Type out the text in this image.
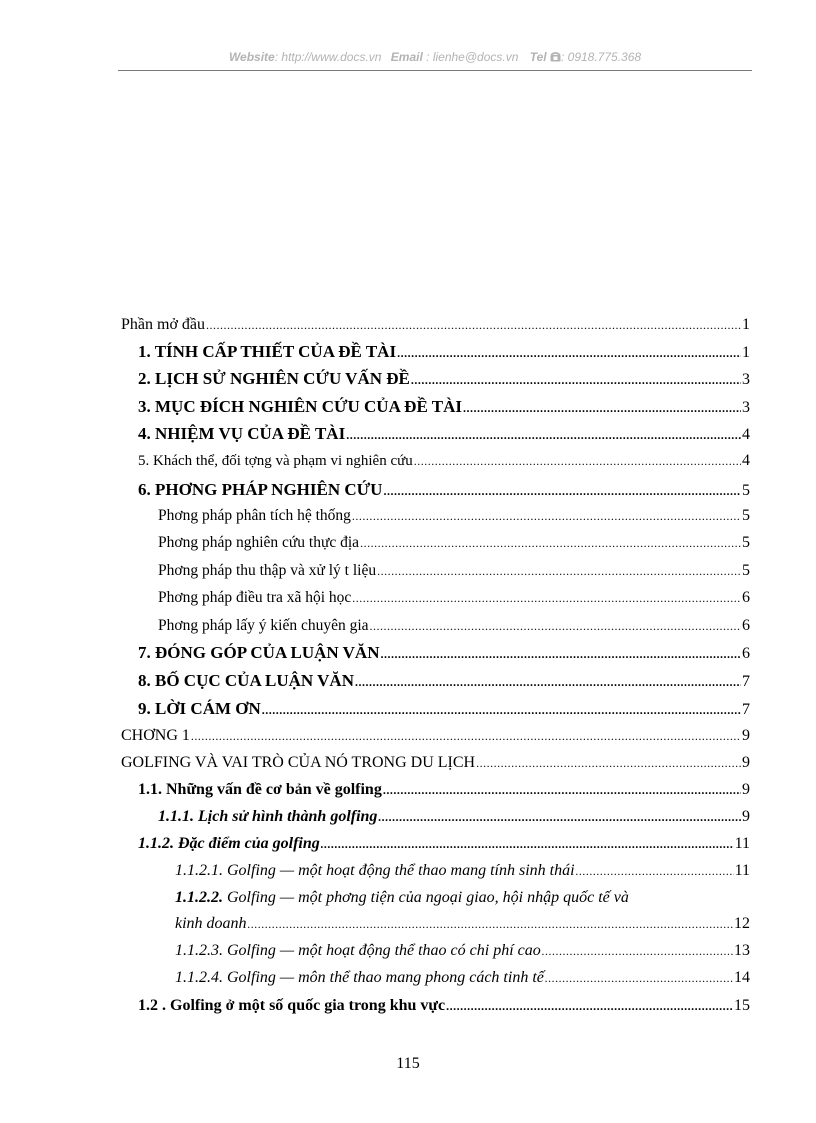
Website: http://www.docs.vn Email : lienhe@docs.vn Tel : 0918.775.368
Phần mở đầu .....	1
1. TÍNH CẤP THIẾT CỦA ĐỀ TÀI .....	1
2. LỊCH SỬ NGHIÊN CỨU VẤN ĐỀ .....	3
3. MỤC ĐÍCH NGHIÊN CỨU CỦA ĐỀ TÀI .....	3
4. NHIỆM VỤ CỦA ĐỀ TÀI .....	4
5. Khách thể, đối tợng và phạm vi nghiên cứu .....	4
6. PHƠNG PHÁP NGHIÊN CỨU .....	5
Phơng pháp phân tích hệ thống .....	5
Phơng pháp nghiên cứu thực địa .....	5
Phơng pháp thu thập và xử lý t liệu .....	5
Phơng pháp điều tra xã hội học .....	6
Phơng pháp lấy ý kiến chuyên gia .....	6
7. ĐÓNG GÓP CỦA LUẬN VĂN .....	6
8. BỐ CỤC CỦA LUẬN VĂN .....	7
9. LỜI CÁM ƠN .....	7
CHƠNG 1 .....	9
GOLFING VÀ VAI TRÒ CỦA NÓ TRONG DU LỊCH .....	9
1.1. Những vấn đề cơ bản về golfing .....	9
1.1.1. Lịch sử hình thành golfing .....	9
1.1.2. Đặc điểm của golfing .....	11
1.1.2.1. Golfing — một hoạt động thể thao mang tính sinh thái .....	11
1.1.2.2. Golfing — một phơng tiện của ngoại giao, hội nhập quốc tế và
kinh doanh .....	12
1.1.2.3. Golfing — một hoạt động thể thao có chi phí cao .....	13
1.1.2.4. Golfing — môn thể thao mang phong cách tinh tế .....	14
1.2 . Golfing ở một số quốc gia trong khu vực .....	15
115
